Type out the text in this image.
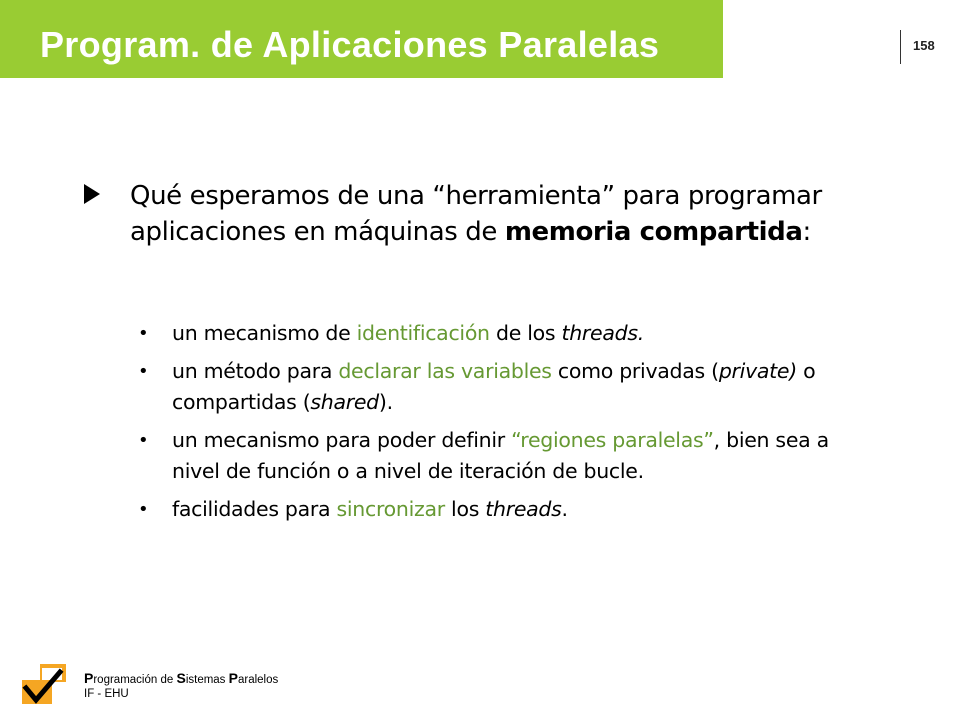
Program. de Aplicaciones Paralelas	158
Qué esperamos de una “herramienta” para programar aplicaciones en máquinas de memoria compartida:
• un mecanismo de identificación de los threads.
• un método para declarar las variables como privadas (private) o compartidas (shared).
• un mecanismo para poder definir “regiones paralelas”, bien sea a nivel de función o a nivel de iteración de bucle.
• facilidades para sincronizar los threads.
Programación de Sistemas Paralelos
IF - EHU
